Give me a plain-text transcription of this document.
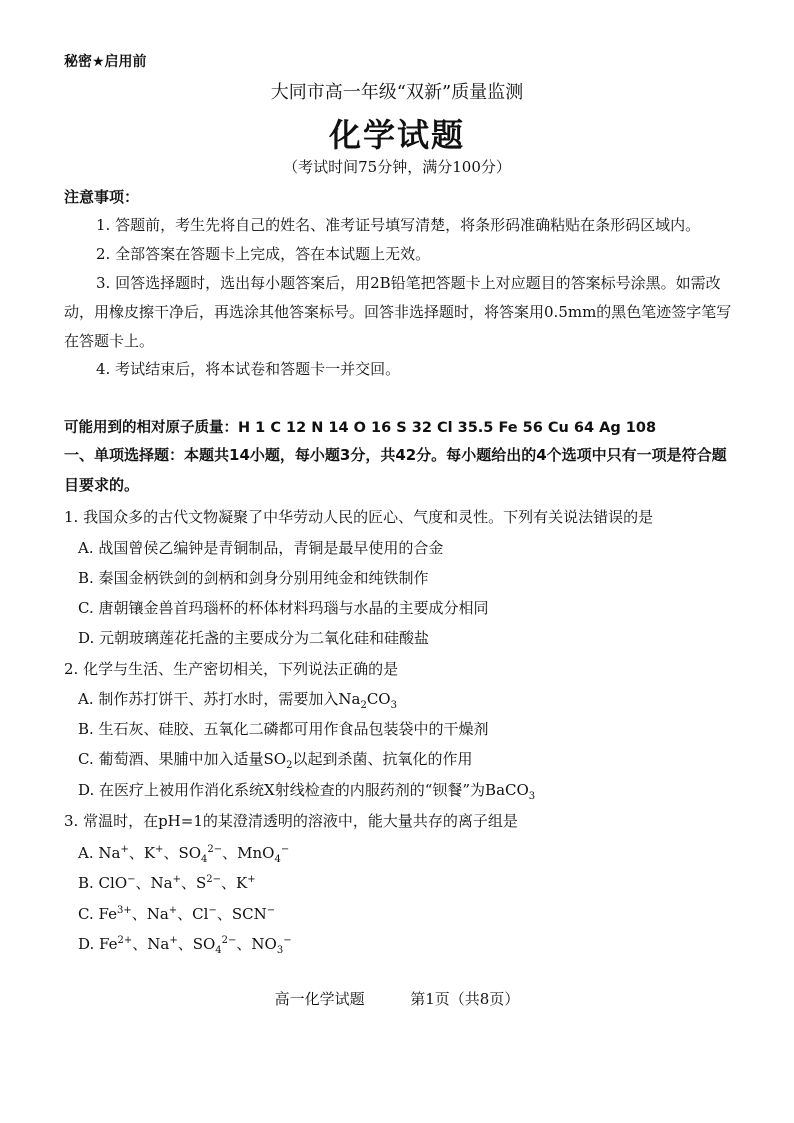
秘密★启用前
大同市高一年级“双新”质量监测
化学试题
（考试时间75分钟，满分100分）
注意事项：
1. 答题前，考生先将自己的姓名、准考证号填写清楚，将条形码准确粘贴在条形码区域内。
2. 全部答案在答题卡上完成，答在本试题上无效。
3. 回答选择题时，选出每小题答案后，用2B铅笔把答题卡上对应题目的答案标号涂黑。如需改
动，用橡皮擦干净后，再选涂其他答案标号。回答非选择题时，将答案用0.5mm的黑色笔迹签字笔写
在答题卡上。
4. 考试结束后，将本试卷和答题卡一并交回。
可能用到的相对原子质量：H 1 C 12 N 14 O 16 S 32 Cl 35.5 Fe 56 Cu 64 Ag 108
一、单项选择题：本题共14小题，每小题3分，共42分。每小题给出的4个选项中只有一项是符合题
目要求的。
1. 我国众多的古代文物凝聚了中华劳动人民的匠心、气度和灵性。下列有关说法错误的是
A. 战国曾侯乙编钟是青铜制品，青铜是最早使用的合金
B. 秦国金柄铁剑的剑柄和剑身分别用纯金和纯铁制作
C. 唐朝镶金兽首玛瑙杯的杯体材料玛瑙与水晶的主要成分相同
D. 元朝玻璃莲花托盏的主要成分为二氧化硅和硅酸盐
2. 化学与生活、生产密切相关，下列说法正确的是
A. 制作苏打饼干、苏打水时，需要加入$Na_2CO_3$
B. 生石灰、硅胶、五氧化二磷都可用作食品包装袋中的干燥剂
C. 葡萄酒、果脯中加入适量$SO_2$以起到杀菌、抗氧化的作用
D. 在医疗上被用作消化系统X射线检查的内服药剂的“钡餐”为BaCO$_3$
3. 常温时，在pH=1的某澄清透明的溶液中，能大量共存的离子组是
A. Na+、K+、$SO_4^{2-}$、MnO$_4$−
B. ClO−、Na+、$S^{2-}$、K+
C. $Fe^{3+}$、Na+、Cl−、SCN−
D. $Fe^{2+}$、Na+、$SO_4^{2-}$、$NO_3^-$
高一化学试题	第1页（共8页）
